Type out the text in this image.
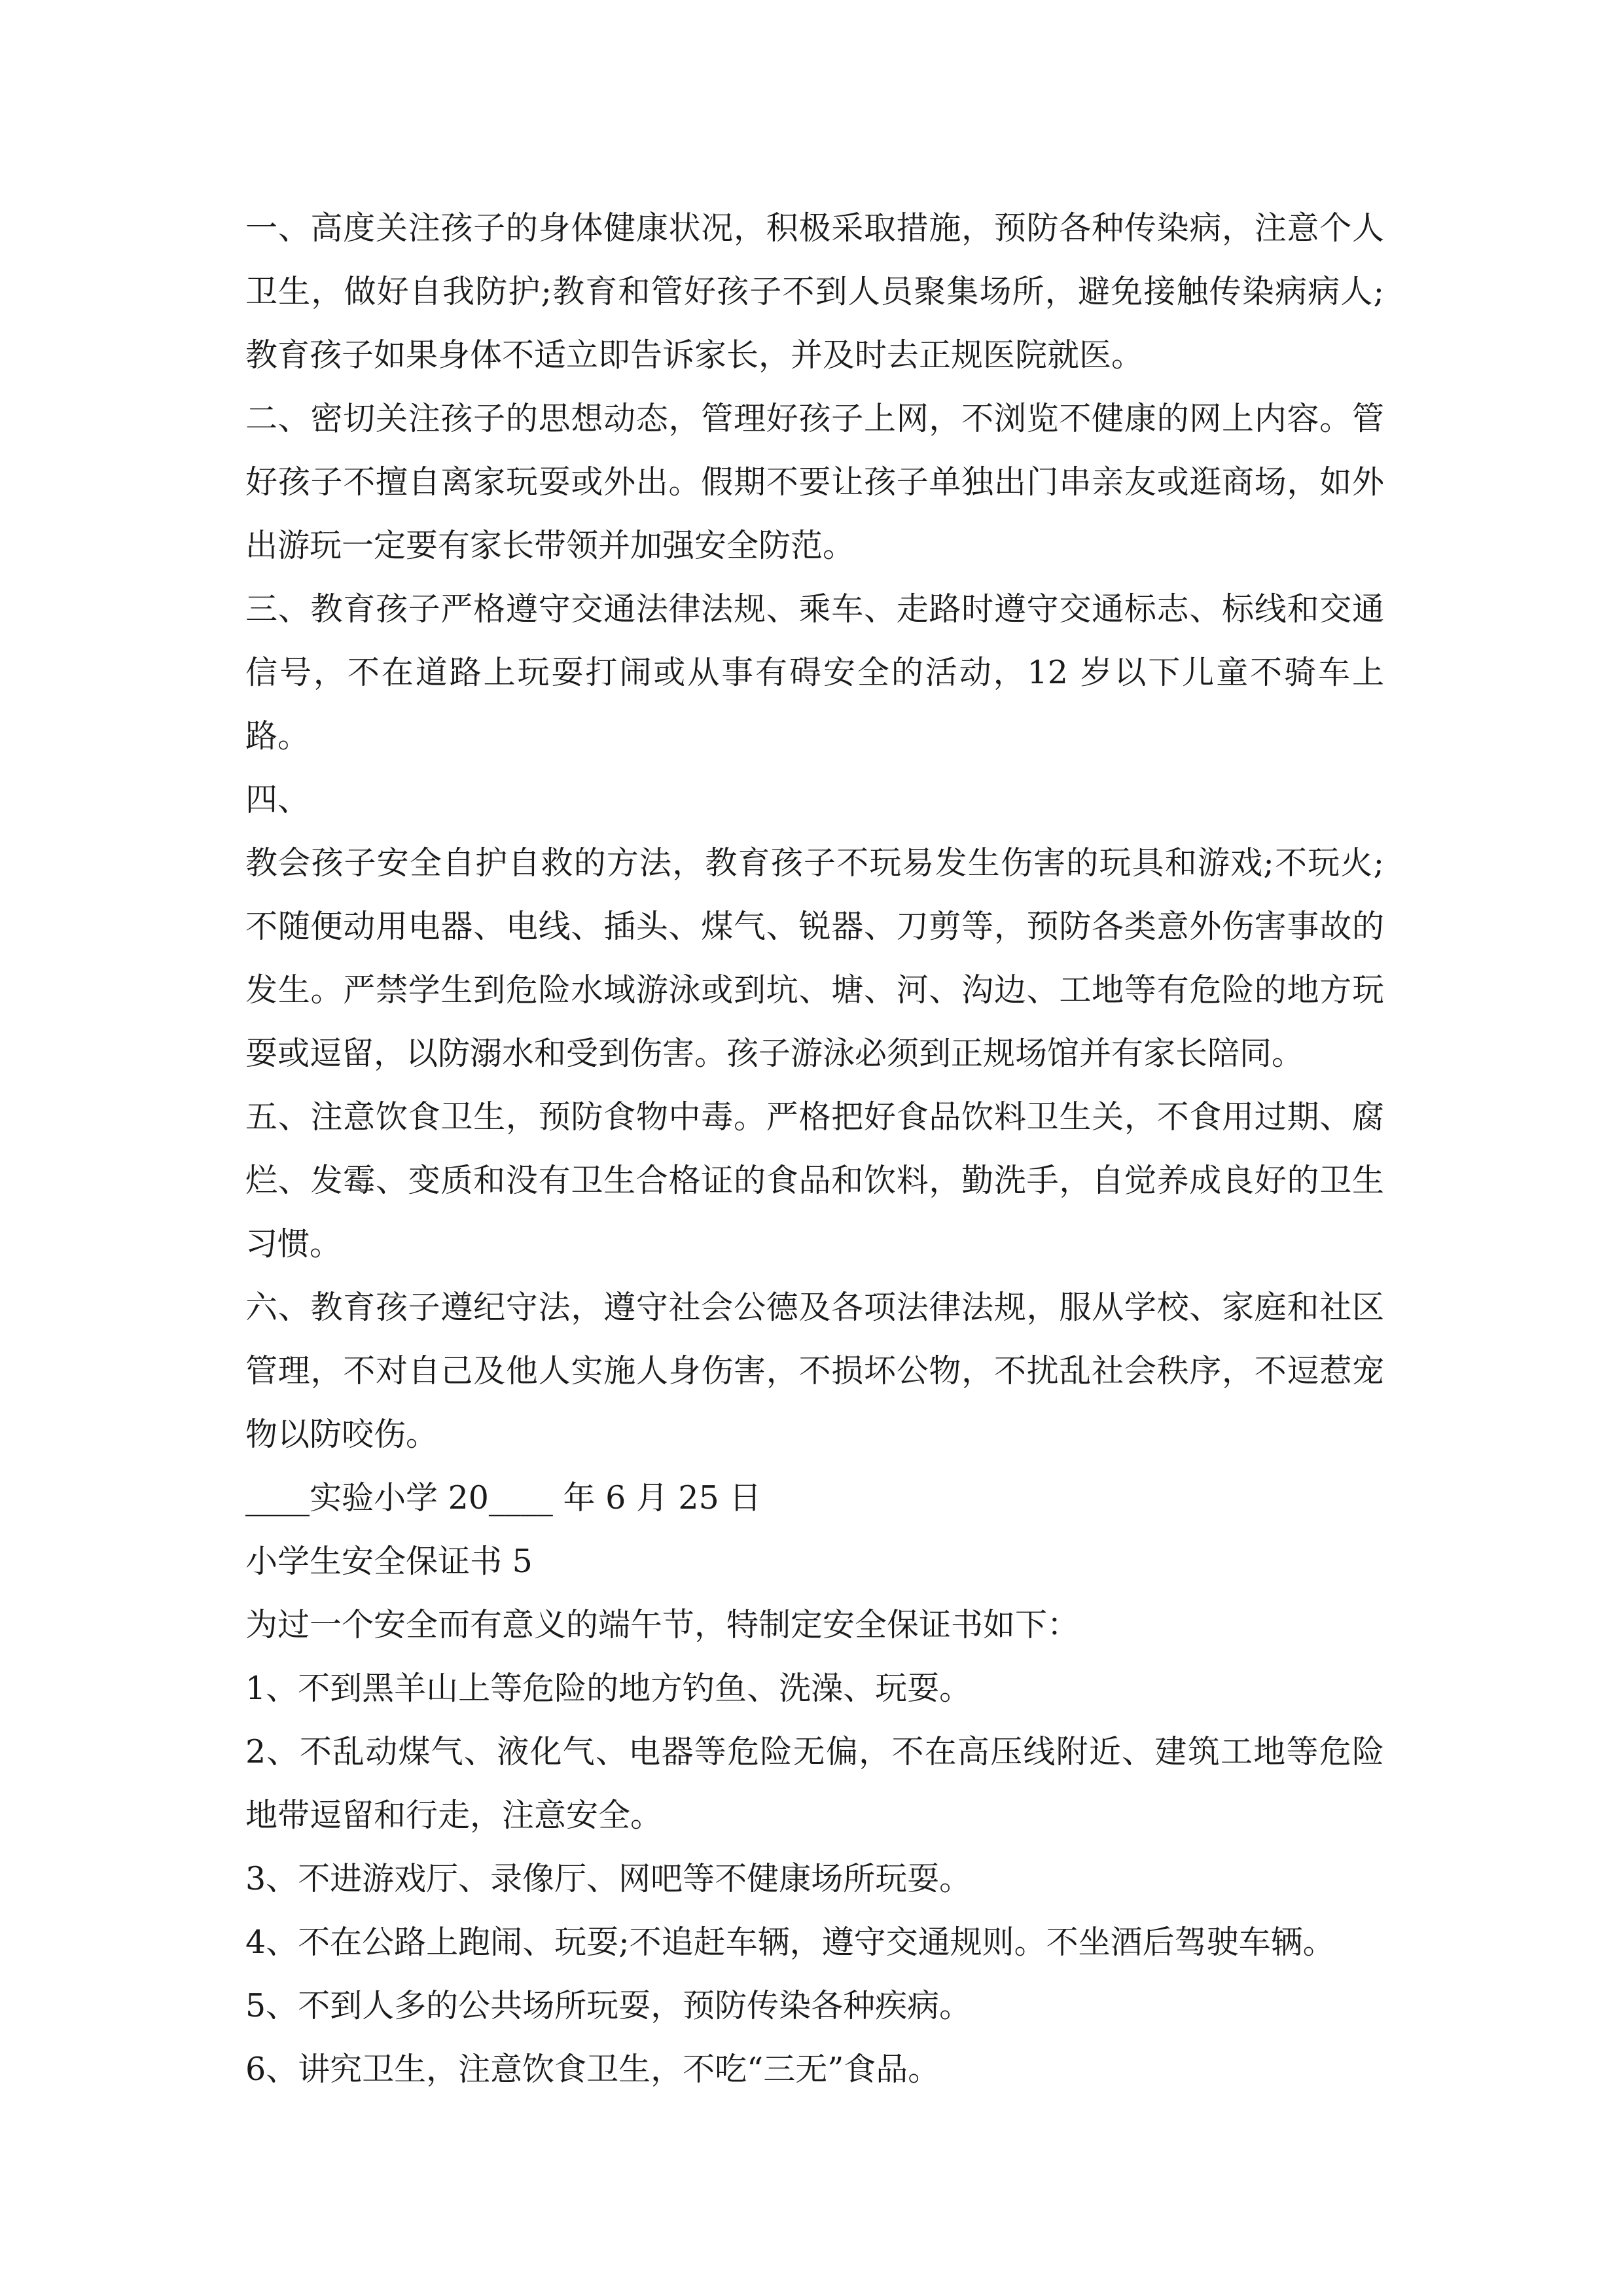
一、高度关注孩子的身体健康状况，积极采取措施，预防各种传染病，注意个人卫生，做好自我防护;教育和管好孩子不到人员聚集场所，避免接触传染病病人;教育孩子如果身体不适立即告诉家长，并及时去正规医院就医。

二、密切关注孩子的思想动态，管理好孩子上网，不浏览不健康的网上内容。管好孩子不擅自离家玩耍或外出。假期不要让孩子单独出门串亲友或逛商场，如外出游玩一定要有家长带领并加强安全防范。

三、教育孩子严格遵守交通法律法规、乘车、走路时遵守交通标志、标线和交通信号，不在道路上玩耍打闹或从事有碍安全的活动，12 岁以下儿童不骑车上路。

四、

教会孩子安全自护自救的方法，教育孩子不玩易发生伤害的玩具和游戏;不玩火;不随便动用电器、电线、插头、煤气、锐器、刀剪等，预防各类意外伤害事故的发生。严禁学生到危险水域游泳或到坑、塘、河、沟边、工地等有危险的地方玩耍或逗留，以防溺水和受到伤害。孩子游泳必须到正规场馆并有家长陪同。

五、注意饮食卫生，预防食物中毒。严格把好食品饮料卫生关，不食用过期、腐烂、发霉、变质和没有卫生合格证的食品和饮料，勤洗手，自觉养成良好的卫生习惯。

六、教育孩子遵纪守法，遵守社会公德及各项法律法规，服从学校、家庭和社区管理，不对自己及他人实施人身伤害，不损坏公物，不扰乱社会秩序，不逗惹宠物以防咬伤。

____实验小学 20____ 年 6 月 25 日

小学生安全保证书 5

为过一个安全而有意义的端午节，特制定安全保证书如下：

1、不到黑羊山上等危险的地方钓鱼、洗澡、玩耍。

2、不乱动煤气、液化气、电器等危险无偏，不在高压线附近、建筑工地等危险地带逗留和行走，注意安全。

3、不进游戏厅、录像厅、网吧等不健康场所玩耍。

4、不在公路上跑闹、玩耍;不追赶车辆，遵守交通规则。不坐酒后驾驶车辆。

5、不到人多的公共场所玩耍，预防传染各种疾病。

6、讲究卫生，注意饮食卫生，不吃“三无”食品。
